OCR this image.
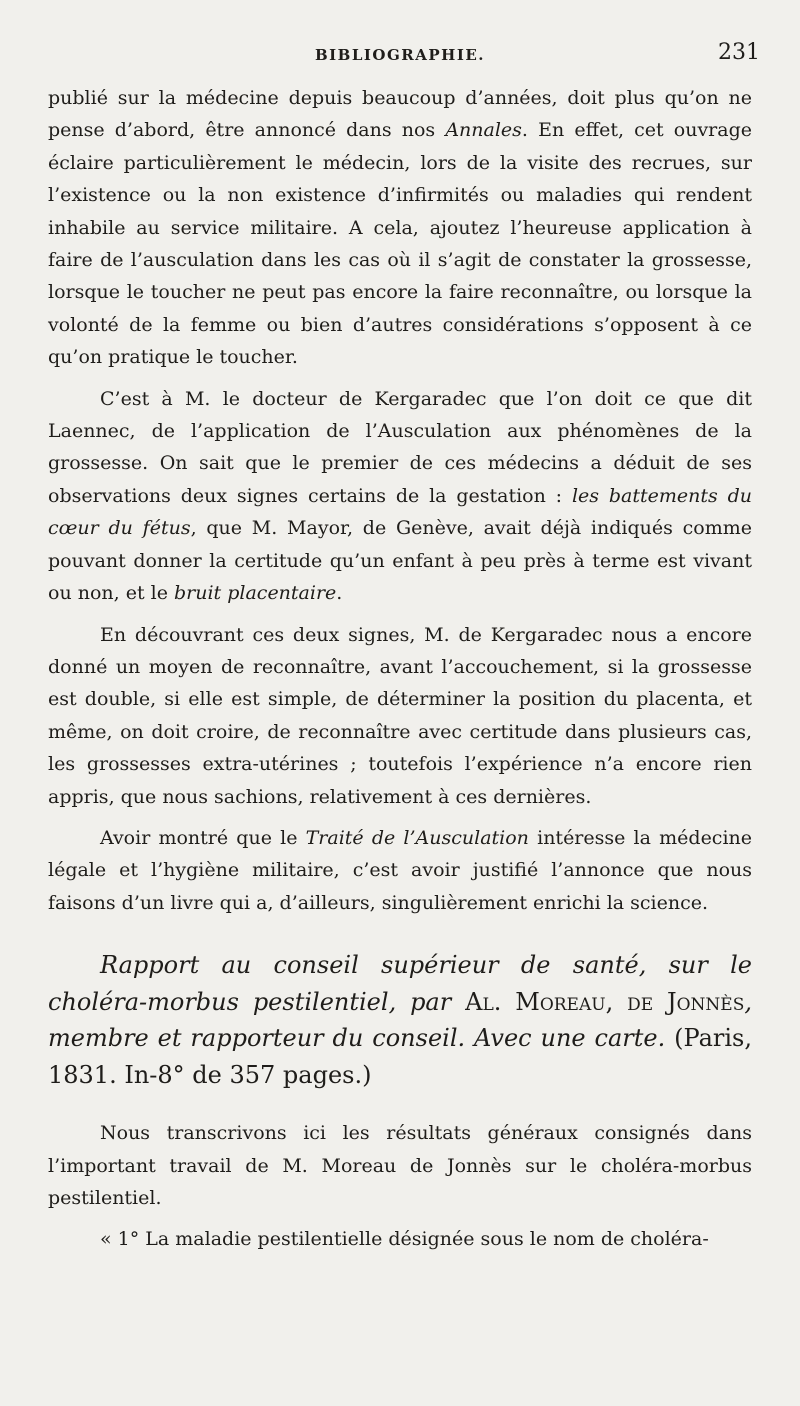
BIBLIOGRAPHIE.	231

publié sur la médecine depuis beaucoup d’années, doit plus qu’on ne pense d’abord, être annoncé dans nos Annales. En effet, cet ouvrage éclaire particulièrement le médecin, lors de la visite des recrues, sur l’existence ou la non existence d’infirmités ou maladies qui rendent inhabile au service militaire. A cela, ajoutez l’heureuse application à faire de l’ausculation dans les cas où il s’agit de constater la grossesse, lorsque le toucher ne peut pas encore la faire reconnaître, ou lorsque la volonté de la femme ou bien d’autres considérations s’opposent à ce qu’on pratique le toucher.

C’est à M. le docteur de Kergaradec que l’on doit ce que dit Laennec, de l’application de l’Ausculation aux phénomènes de la grossesse. On sait que le premier de ces médecins a déduit de ses observations deux signes certains de la gestation : les battements du cœur du fétus, que M. Mayor, de Genève, avait déjà indiqués comme pouvant donner la certitude qu’un enfant à peu près à terme est vivant ou non, et le bruit placentaire.

En découvrant ces deux signes, M. de Kergaradec nous a encore donné un moyen de reconnaître, avant l’accouchement, si la grossesse est double, si elle est simple, de déterminer la position du placenta, et même, on doit croire, de reconnaître avec certitude dans plusieurs cas, les grossesses extra-utérines ; toutefois l’expérience n’a encore rien appris, que nous sachions, relativement à ces dernières.

Avoir montré que le Traité de l’Ausculation intéresse la médecine légale et l’hygiène militaire, c’est avoir justifié l’annonce que nous faisons d’un livre qui a, d’ailleurs, singulièrement enrichi la science.

Rapport au conseil supérieur de santé, sur le choléra-morbus pestilentiel, par Al. Moreau, de Jonnès, membre et rapporteur du conseil. Avec une carte. (Paris, 1831. In-8° de 357 pages.)

Nous transcrivons ici les résultats généraux consignés dans l’important travail de M. Moreau de Jonnès sur le choléra-morbus pestilentiel.

« 1° La maladie pestilentielle désignée sous le nom de choléra-
